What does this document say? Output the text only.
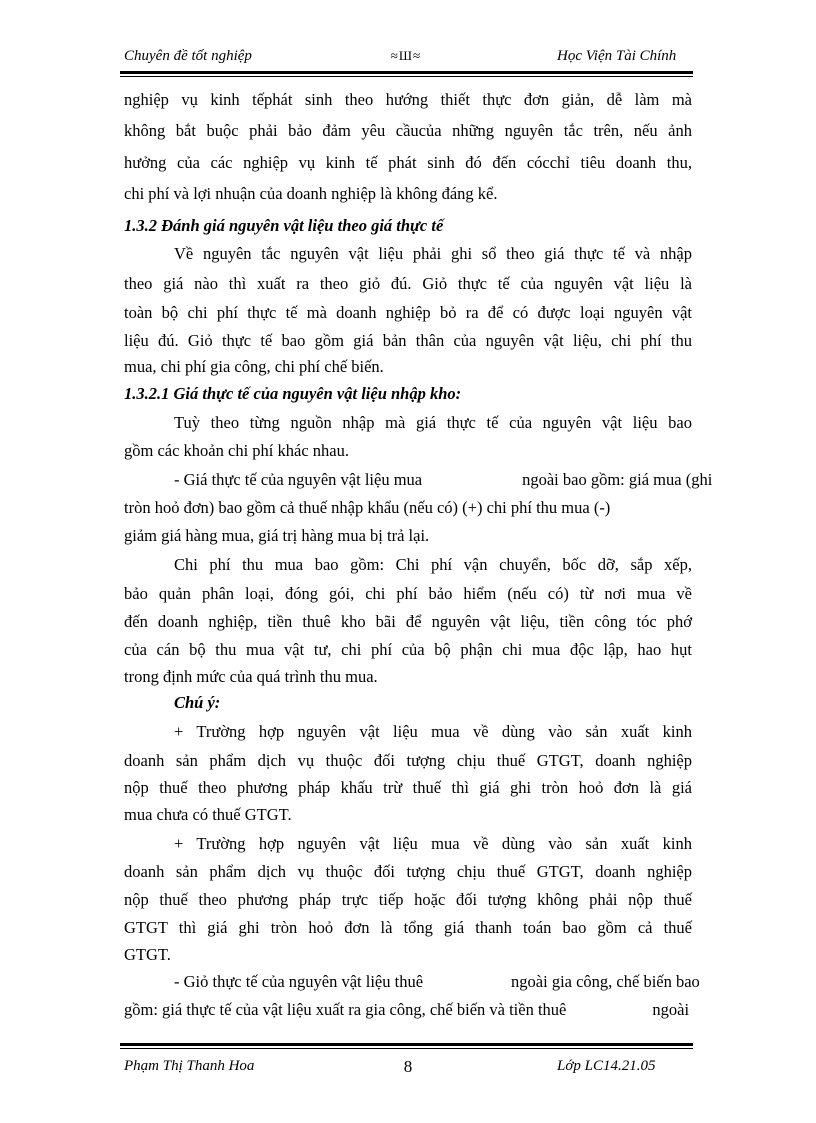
Chuyên đề tốt nghiệp	≈Ш≈	Học Viện Tài Chính
nghiệp vụ kinh tếphát sinh theo hướng thiết thực đơn giản, dễ làm mà
không bắt buộc phải bảo đảm yêu cầucủa những nguyên tắc trên, nếu ảnh
hưởng của các nghiệp vụ kinh tế phát sinh đó đến cócchỉ tiêu doanh thu,
chi phí và lợi nhuận của doanh nghiệp là không đáng kể.
1.3.2 Đánh giá nguyên vật liệu theo giá thực tế
Về nguyên tắc nguyên vật liệu phải ghi sổ theo giá thực tế và nhập
theo giá nào thì xuất ra theo giỏ đú. Giỏ thực tế của nguyên vật liệu là
toàn bộ chi phí thực tế mà doanh nghiệp bỏ ra để có được loại nguyên vật
liệu đú. Giỏ thực tế bao gồm giá bản thân của nguyên vật liệu, chi phí thu
mua, chi phí gia công, chi phí chế biến.
1.3.2.1 Giá thực tế của nguyên vật liệu nhập kho:
Tuỳ theo từng nguồn nhập mà giá thực tế của nguyên vật liệu bao
gồm các khoản chi phí khác nhau.
- Giá thực tế của nguyên vật liệu mua	ngoài bao gồm: giá mua (ghi
tròn hoỏ đơn) bao gồm cả thuế nhập khẩu (nếu có) (+) chi phí thu mua (-)
giảm giá hàng mua, giá trị hàng mua bị trả lại.
Chi phí thu mua bao gồm: Chi phí vận chuyển, bốc dỡ, sắp xếp,
bảo quản phân loại, đóng gói, chi phí bảo hiểm (nếu có) từ nơi mua về
đến doanh nghiệp, tiền thuê kho bãi để nguyên vật liệu, tiền công tóc phớ
của cán bộ thu mua vật tư, chi phí của bộ phận chi mua độc lập, hao hụt
trong định mức của quá trình thu mua.
Chú ý:
+ Trường hợp nguyên vật liệu mua về dùng vào sản xuất kinh
doanh sản phẩm dịch vụ thuộc đối tượng chịu thuế GTGT, doanh nghiệp
nộp thuế theo phương pháp khấu trừ thuế thì giá ghi tròn hoỏ đơn là giá
mua chưa có thuế GTGT.
+ Trường hợp nguyên vật liệu mua về dùng vào sản xuất kinh
doanh sản phẩm dịch vụ thuộc đối tượng chịu thuế GTGT, doanh nghiệp
nộp thuế theo phương pháp trực tiếp hoặc đối tượng không phải nộp thuế
GTGT thì giá ghi tròn hoỏ đơn là tổng giá thanh toán bao gồm cả thuế
GTGT.
- Giỏ thực tế của nguyên vật liệu thuê	ngoài gia công, chế biến bao
gồm: giá thực tế của vật liệu xuất ra gia công, chế biến và tiền thuê	ngoài
Phạm Thị Thanh Hoa	8	Lớp LC14.21.05
